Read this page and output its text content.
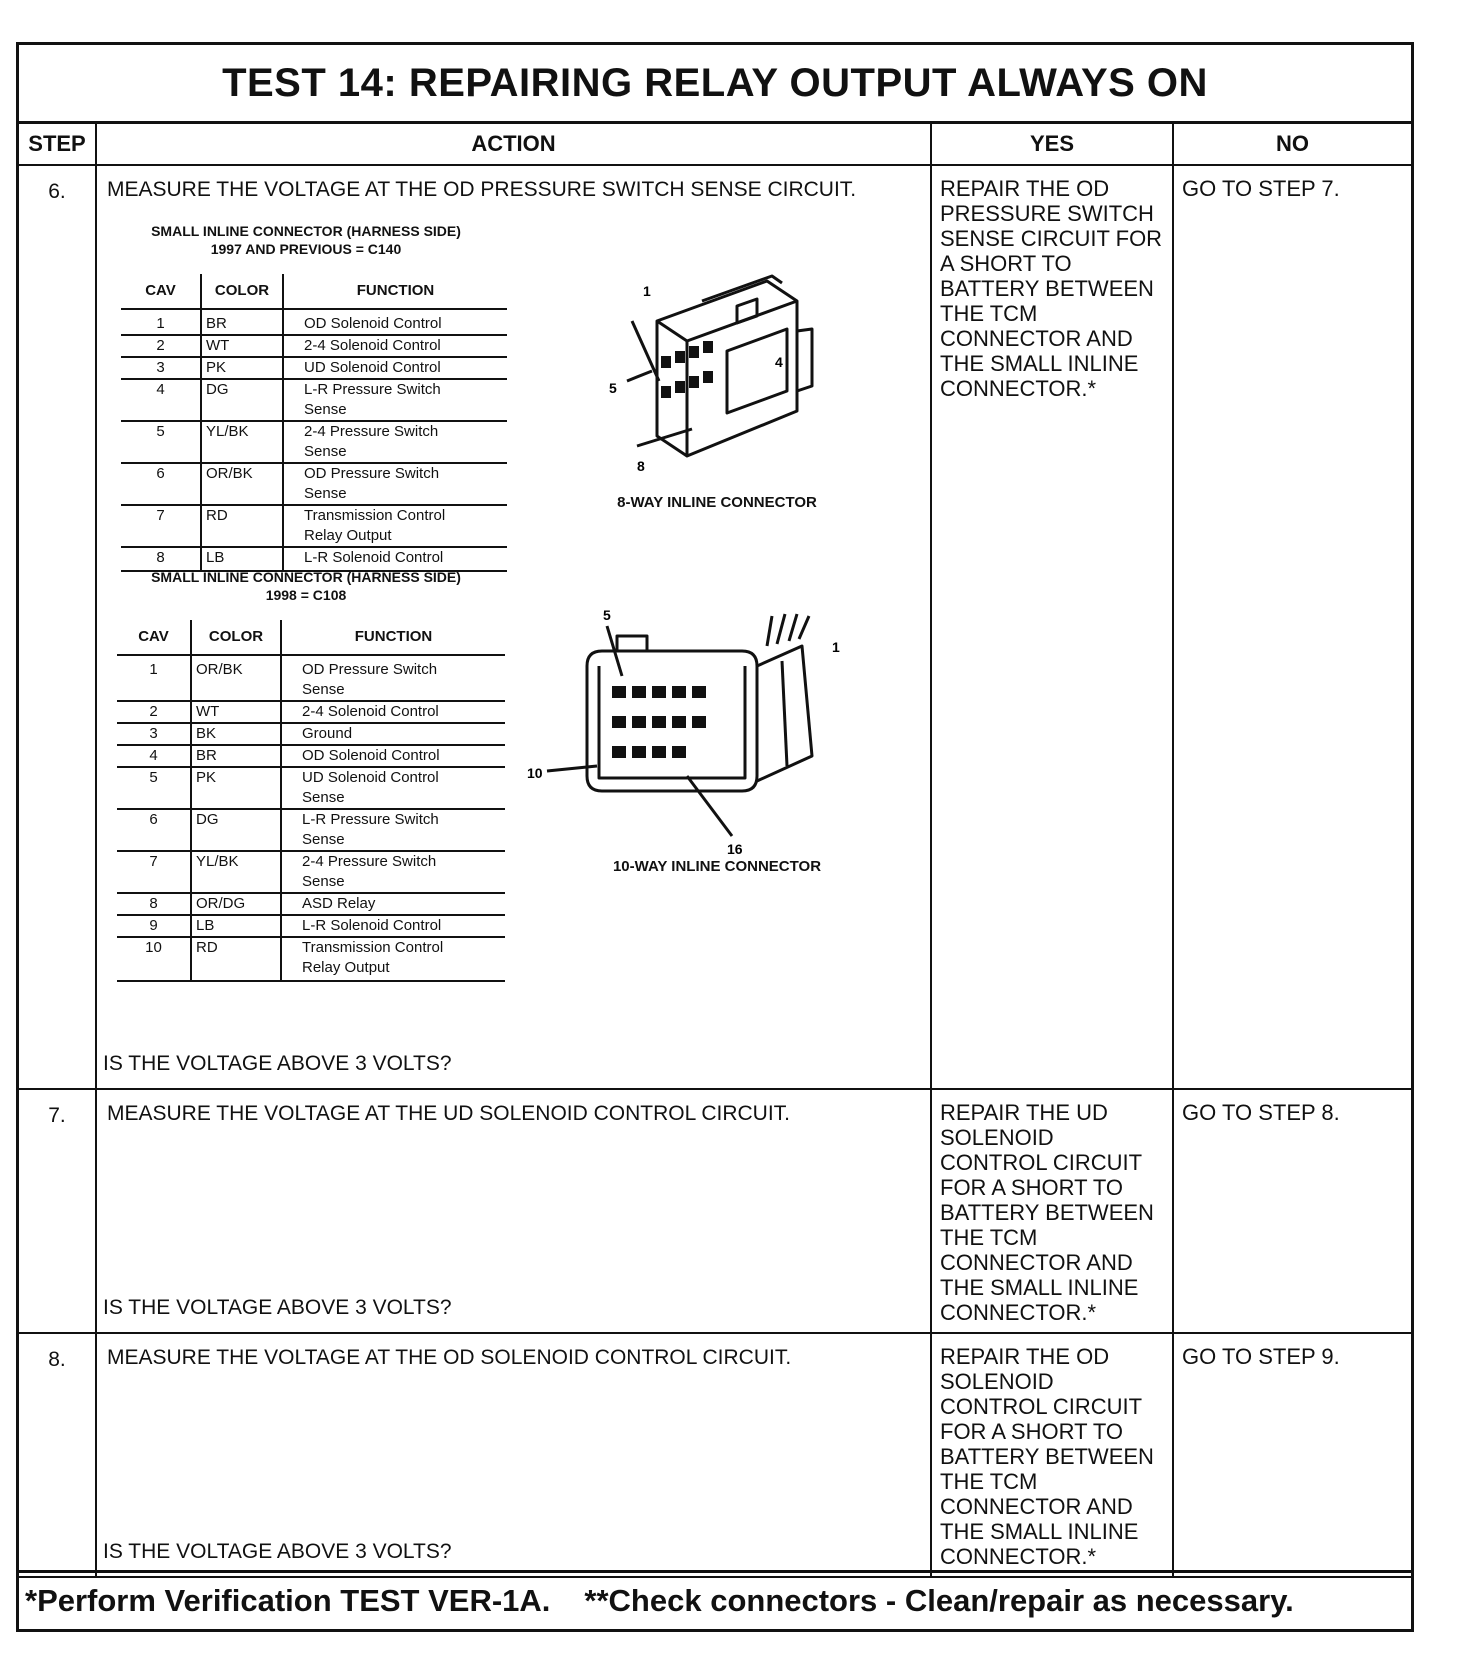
TEST 14: REPAIRING RELAY OUTPUT ALWAYS ON
STEP	ACTION	YES	NO
6.	MEASURE THE VOLTAGE AT THE OD PRESSURE SWITCH SENSE CIRCUIT.
SMALL INLINE CONNECTOR (HARNESS SIDE)
1997 AND PREVIOUS = C140
CAV	COLOR	FUNCTION
1	BR	OD Solenoid Control

2	WT	2-4 Solenoid Control

3	PK	UD Solenoid Control

4	DG	L-R Pressure Switch
Sense

5	YL/BK	2-4 Pressure Switch
Sense

6	OR/BK	OD Pressure Switch
Sense

7	RD	Transmission Control
Relay Output

8	LB	L-R Solenoid Control
1
4
5
8
8-WAY INLINE CONNECTOR
SMALL INLINE CONNECTOR (HARNESS SIDE)
1998 = C108
CAV	COLOR	FUNCTION
1	OR/BK	OD Pressure Switch
Sense

2	WT	2-4 Solenoid Control

3	BK	Ground

4	BR	OD Solenoid Control

5	PK	UD Solenoid Control
Sense

6	DG	L-R Pressure Switch
Sense

7	YL/BK	2-4 Pressure Switch
Sense

8	OR/DG	ASD Relay

9	LB	L-R Solenoid Control

10	RD	Transmission Control
Relay Output
5
1
10
16
10-WAY INLINE CONNECTOR
IS THE VOLTAGE ABOVE 3 VOLTS?
	REPAIR THE OD PRESSURE SWITCH SENSE CIRCUIT FOR A SHORT TO BATTERY BETWEEN THE TCM CONNECTOR AND THE SMALL INLINE CONNECTOR.*	GO TO STEP 7.
7.	MEASURE THE VOLTAGE AT THE UD SOLENOID CONTROL CIRCUIT.
IS THE VOLTAGE ABOVE 3 VOLTS?
	REPAIR THE UD SOLENOID CONTROL CIRCUIT FOR A SHORT TO BATTERY BETWEEN THE TCM CONNECTOR AND THE SMALL INLINE CONNECTOR.*	GO TO STEP 8.
8.	MEASURE THE VOLTAGE AT THE OD SOLENOID CONTROL CIRCUIT.
IS THE VOLTAGE ABOVE 3 VOLTS?
	REPAIR THE OD SOLENOID CONTROL CIRCUIT FOR A SHORT TO BATTERY BETWEEN THE TCM CONNECTOR AND THE SMALL INLINE CONNECTOR.*	GO TO STEP 9.
*Perform Verification TEST VER-1A. **Check connectors - Clean/repair as necessary.
